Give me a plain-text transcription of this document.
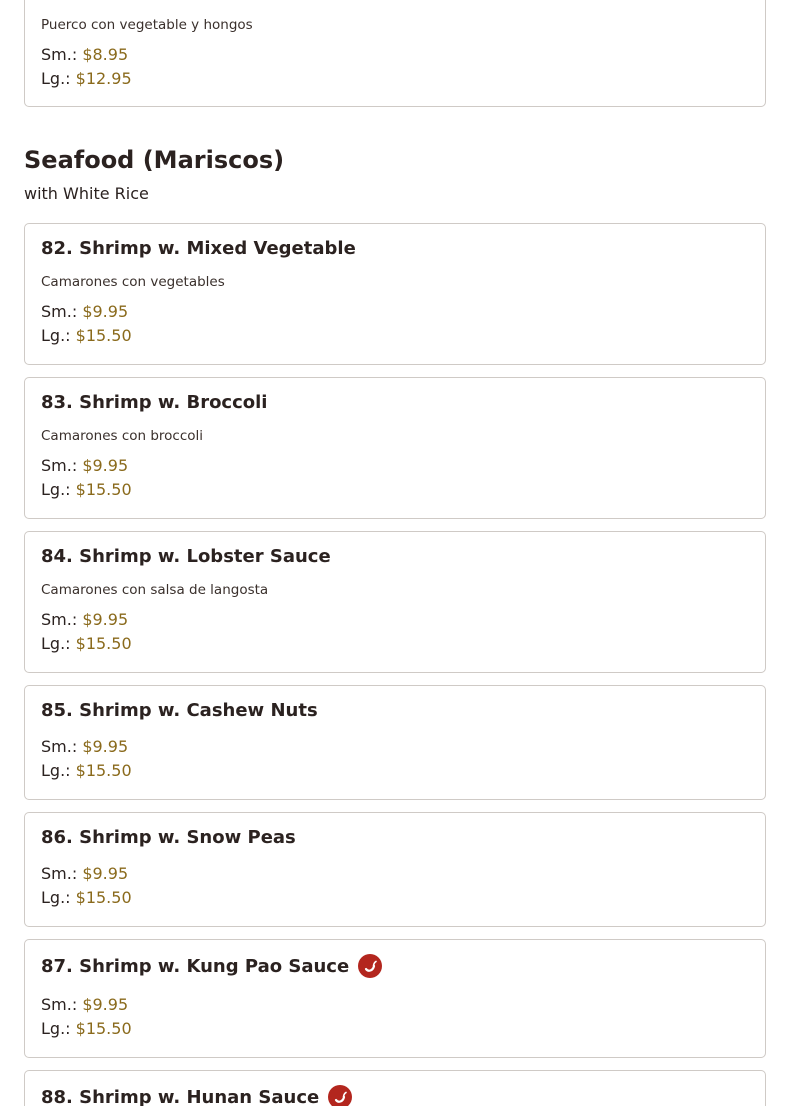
Puerco con vegetable y hongos
Sm.: $8.95
Lg.: $12.95
Seafood (Mariscos)
with White Rice
82. Shrimp w. Mixed Vegetable
Camarones con vegetables
Sm.: $9.95
Lg.: $15.50
83. Shrimp w. Broccoli
Camarones con broccoli
Sm.: $9.95
Lg.: $15.50
84. Shrimp w. Lobster Sauce
Camarones con salsa de langosta
Sm.: $9.95
Lg.: $15.50
85. Shrimp w. Cashew Nuts
Sm.: $9.95
Lg.: $15.50
86. Shrimp w. Snow Peas
Sm.: $9.95
Lg.: $15.50
87. Shrimp w. Kung Pao Sauce
Sm.: $9.95
Lg.: $15.50
88. Shrimp w. Hunan Sauce
